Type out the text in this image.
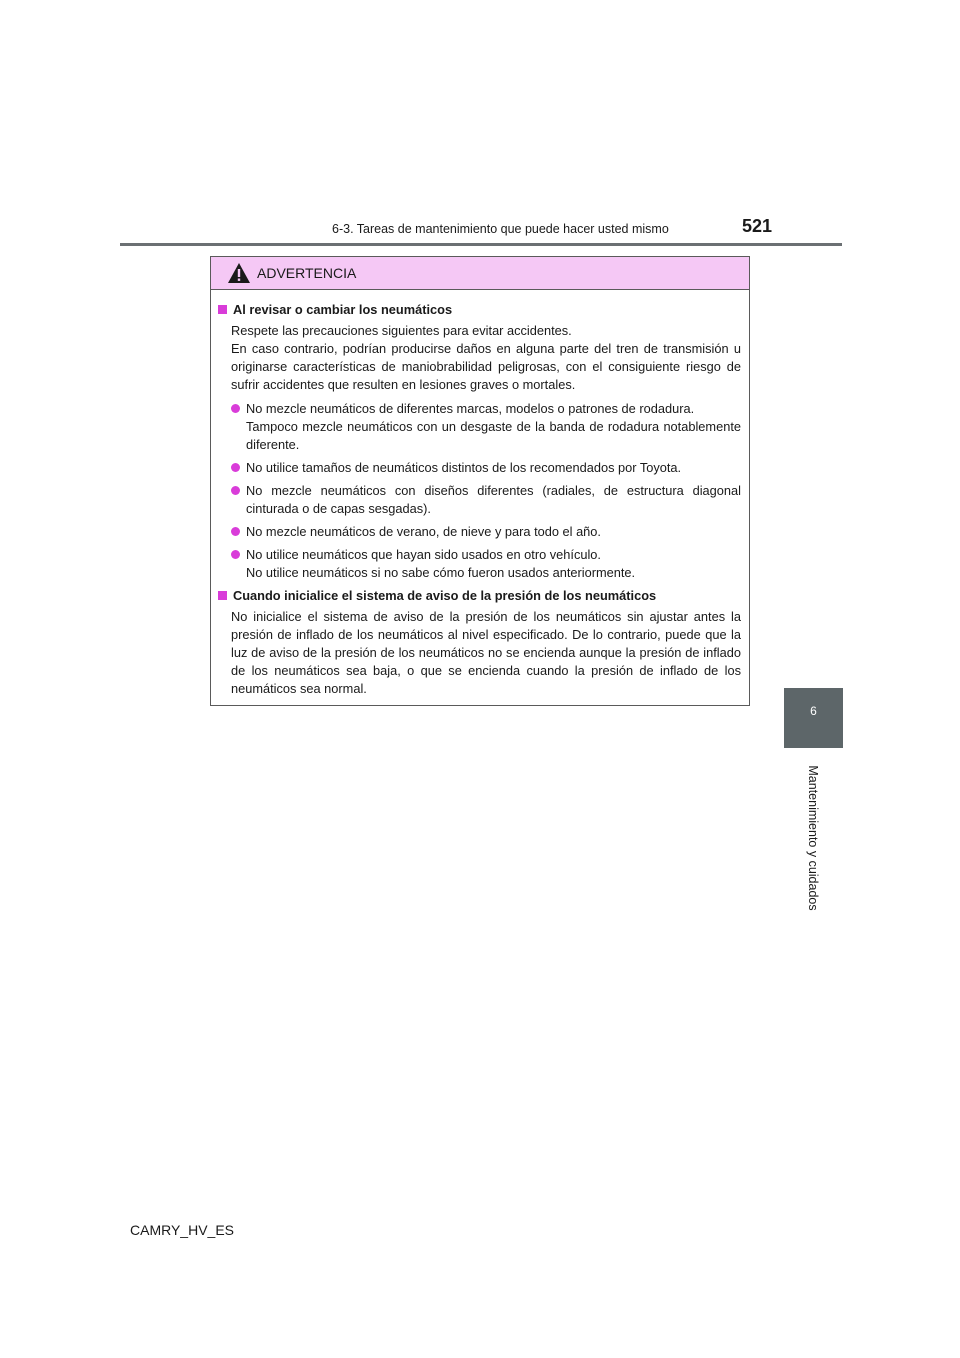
6-3. Tareas de mantenimiento que puede hacer usted mismo	521
6
Mantenimiento y cuidados
ADVERTENCIA
Al revisar o cambiar los neumáticos

Respete las precauciones siguientes para evitar accidentes.

En caso contrario, podrían producirse daños en alguna parte del tren de transmisión u originarse características de maniobrabilidad peligrosas, con el consiguiente riesgo de sufrir accidentes que resulten en lesiones graves o mortales.

No mezcle neumáticos de diferentes marcas, modelos o patrones de rodadura.

Tampoco mezcle neumáticos con un desgaste de la banda de rodadura notablemente diferente.

No utilice tamaños de neumáticos distintos de los recomendados por Toyota.

No mezcle neumáticos con diseños diferentes (radiales, de estructura diagonal cinturada o de capas sesgadas).

No mezcle neumáticos de verano, de nieve y para todo el año.

No utilice neumáticos que hayan sido usados en otro vehículo.

No utilice neumáticos si no sabe cómo fueron usados anteriormente.

Cuando inicialice el sistema de aviso de la presión de los neumáticos

No inicialice el sistema de aviso de la presión de los neumáticos sin ajustar antes la presión de inflado de los neumáticos al nivel especificado. De lo contrario, puede que la luz de aviso de la presión de los neumáticos no se encienda aunque la presión de inflado de los neumáticos sea baja, o que se encienda cuando la presión de inflado de los neumáticos sea normal.

CAMRY_HV_ES
